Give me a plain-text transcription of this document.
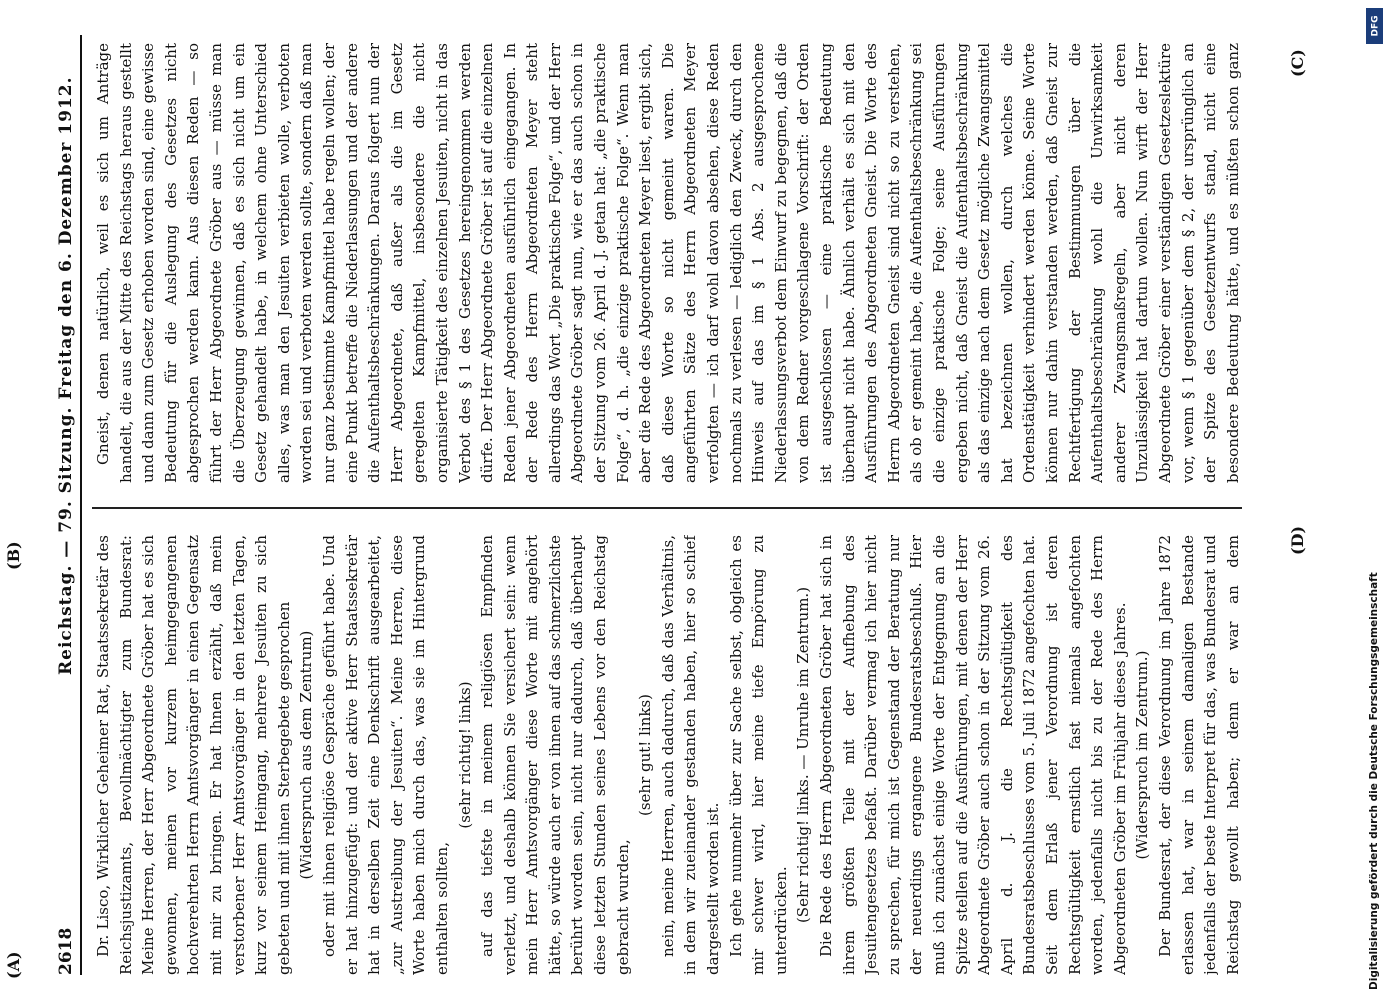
2618
Reichstag. — 79. Sitzung. Freitag den 6. Dezember 1912.

Dr. Lisco, Wirklicher Geheimer Rat, Staatssekretär des Reichsjustizamts, Bevollmächtigter zum Bundesrat: Meine Herren, der Herr Abgeordnete Gröber hat es sich gewonnen, meinen vor kurzem heimgegangenen hochverehrten Herrn Amtsvorgänger in einen Gegensatz mit mir zu bringen. Er hat Ihnen erzählt, daß mein verstorbener Herr Amtsvorgänger in den letzten Tagen, kurz vor seinem Heimgang, mehrere Jesuiten zu sich gebeten und mit ihnen Sterbegebete gesprochen (Widerspruch aus dem Zentrum) oder mit ihnen religiöse Gespräche geführt habe. Und er hat hinzugefügt: und der aktive Herr Staatssekretär hat in derselben Zeit eine Denkschrift ausgearbeitet, „zur Austreibung der Jesuiten“. Meine Herren, diese Worte haben mich durch das, was sie im Hintergrund enthalten sollten,

(sehr richtig! links) auf das tiefste in meinem religiösen Empfinden verletzt, und deshalb können Sie versichert sein: wenn mein Herr Amtsvorgänger diese Worte mit angehört hätte, so würde auch er von ihnen auf das schmerzlichste berührt worden sein, nicht nur dadurch, daß überhaupt diese letzten Stunden seines Lebens vor den Reichstag gebracht wurden,

(sehr gut! links) nein, meine Herren, auch dadurch, daß das Verhältnis, in dem wir zueinander gestanden haben, hier so schief dargestellt worden ist. Ich gehe nunmehr über zur Sache selbst, obgleich es mir schwer wird, hier meine tiefe Empörung zu unterdrücken. (Sehr richtig! links. — Unruhe im Zentrum.) Die Rede des Herrn Abgeordneten Gröber hat sich in ihrem größten Teile mit der Aufhebung des Jesuitengesetzes befaßt. Darüber vermag ich hier nicht zu sprechen, für mich ist Gegenstand der Beratung nur der neuerdings ergangene Bundesratsbeschluß. Hier muß ich zunächst einige Worte der Entgegnung an die Spitze stellen auf die Ausführungen, mit denen der Herr Abgeordnete Gröber auch schon in der Sitzung vom 26. April d. J. die Rechtsgültigkeit des Bundesratsbeschlusses vom 5. Juli 1872 angefochten hat. Seit dem Erlaß jener Verordnung ist deren Rechtsgültigkeit ernstlich fast niemals angefochten worden, jedenfalls nicht bis zu der Rede des Herrn Abgeordneten Gröber im Frühjahr dieses Jahres. (Widerspruch im Zentrum.)

Der Bundesrat, der diese Verordnung im Jahre 1872 erlassen hat, war in seinem damaligen Bestande jedenfalls der beste Interpret für das, was Bundesrat und Reichstag gewollt haben; denn er war an dem

Gneist, denen natürlich, weil es sich um Anträge handelt, die aus der Mitte des Reichstags heraus gestellt und dann zum Gesetz erhoben worden sind, eine gewisse Bedeutung für die Auslegung des Gesetzes nicht abgesprochen werden kann. Aus diesen Reden — so führt der Herr Abgeordnete Gröber aus — müsse man die Überzeugung gewinnen, daß es sich nicht um ein Gesetz gehandelt habe, in welchem ohne Unterschied alles, was man den Jesuiten verbieten wolle, verboten worden sei und verboten werden sollte, sondern daß man nur ganz bestimmte Kampfmittel habe regeln wollen; der eine Punkt betreffe die Niederlassungen und der andere die Aufenthaltsbeschränkungen. Daraus folgert nun der Herr Abgeordnete, daß außer als die im Gesetz geregelten Kampfmittel, insbesondere die nicht organisierte Tätigkeit des einzelnen Jesuiten, nicht in das Verbot des § 1 des Gesetzes hereingenommen werden dürfe. Der Herr Abgeordnete Gröber ist auf die einzelnen Reden jener Abgeordneten ausführlich eingegangen. In der Rede des Herrn Abgeordneten Meyer steht allerdings das Wort „Die praktische Folge“, und der Herr Abgeordnete Gröber sagt nun, wie er das auch schon in der Sitzung vom 26. April d. J. getan hat: „die praktische Folge“, d. h. „die einzige praktische Folge“. Wenn man aber die Rede des Abgeordneten Meyer liest, ergibt sich, daß diese Worte so nicht gemeint waren. Die angeführten Sätze des Herrn Abgeordneten Meyer verfolgten — ich darf wohl davon absehen, diese Reden nochmals zu verlesen — lediglich den Zweck, durch den Hinweis auf das im § 1 Abs. 2 ausgesprochene Niederlassungsverbot dem Einwurf zu begegnen, daß die von dem Redner vorgeschlagene Vorschrift: der Orden ist ausgeschlossen — eine praktische Bedeutung überhaupt nicht habe. Ähnlich verhält es sich mit den Ausführungen des Abgeordneten Gneist. Die Worte des Herrn Abgeordneten Gneist sind nicht so zu verstehen, als ob er gemeint habe, die Aufenthaltsbeschränkung sei die einzige praktische Folge; seine Ausführungen ergeben nicht, daß Gneist die Aufenthaltsbeschränkung als das einzige nach dem Gesetz mögliche Zwangsmittel hat bezeichnen wollen, durch welches die Ordenstätigkeit verhindert werden könne. Seine Worte können nur dahin verstanden werden, daß Gneist zur Rechtfertigung der Bestimmungen über die Aufenthaltsbeschränkung wohl die Unwirksamkeit anderer Zwangsmaßregeln, aber nicht deren Unzulässigkeit hat dartun wollen. Nun wirft der Herr Abgeordnete Gröber einer verständigen Gesetzeslektüre vor, wenn § 1 gegenüber dem § 2, der ursprünglich an der Spitze des Gesetzentwurfs stand, nicht eine besondere Bedeutung hätte, und es müßten schon ganz

(A)
(B)
(C)
(D)
DFG
Digitalisierung gefördert durch die Deutsche Forschungsgemeinschaft
